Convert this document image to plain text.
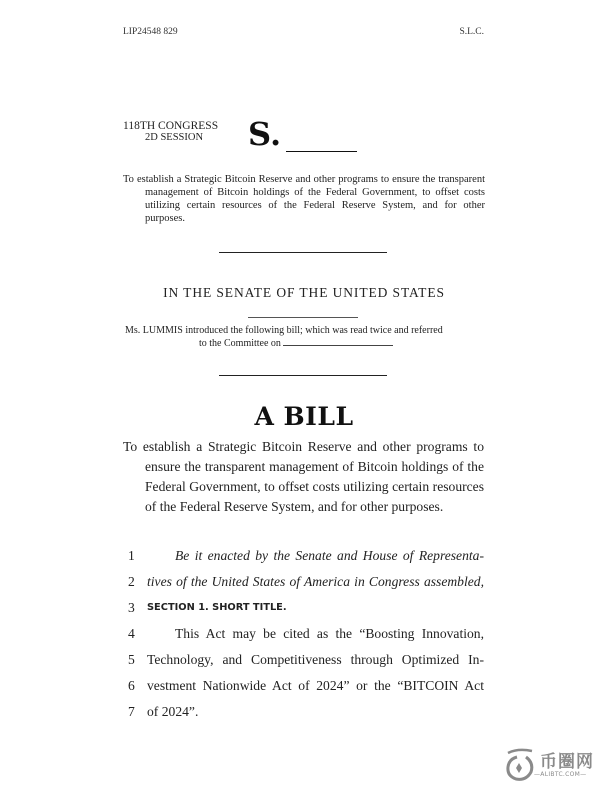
LIP24548 829	S.L.C.
118TH CONGRESS
2D SESSION S.

To establish a Strategic Bitcoin Reserve and other programs to ensure the transparent management of Bitcoin holdings of the Federal Government, to offset costs utilizing certain resources of the Federal Reserve System, and for other purposes.

IN THE SENATE OF THE UNITED STATES
Ms. LUMMIS introduced the following bill; which was read twice and referred
to the Committee on
A BILL

To establish a Strategic Bitcoin Reserve and other programs to ensure the transparent management of Bitcoin holdings of the Federal Government, to offset costs utilizing certain resources of the Federal Reserve System, and for other purposes.

1	Be it enacted by the Senate and House of Representa-
2 tives of the United States of America in Congress assembled,
3	SECTION 1. SHORT TITLE.
4	This Act may be cited as the “Boosting Innovation,
5 Technology, and Competitiveness through Optimized In-
6 vestment Nationwide Act of 2024” or the “BITCOIN Act
7 of 2024”.
币圈网
—ALIBTC.COM—
